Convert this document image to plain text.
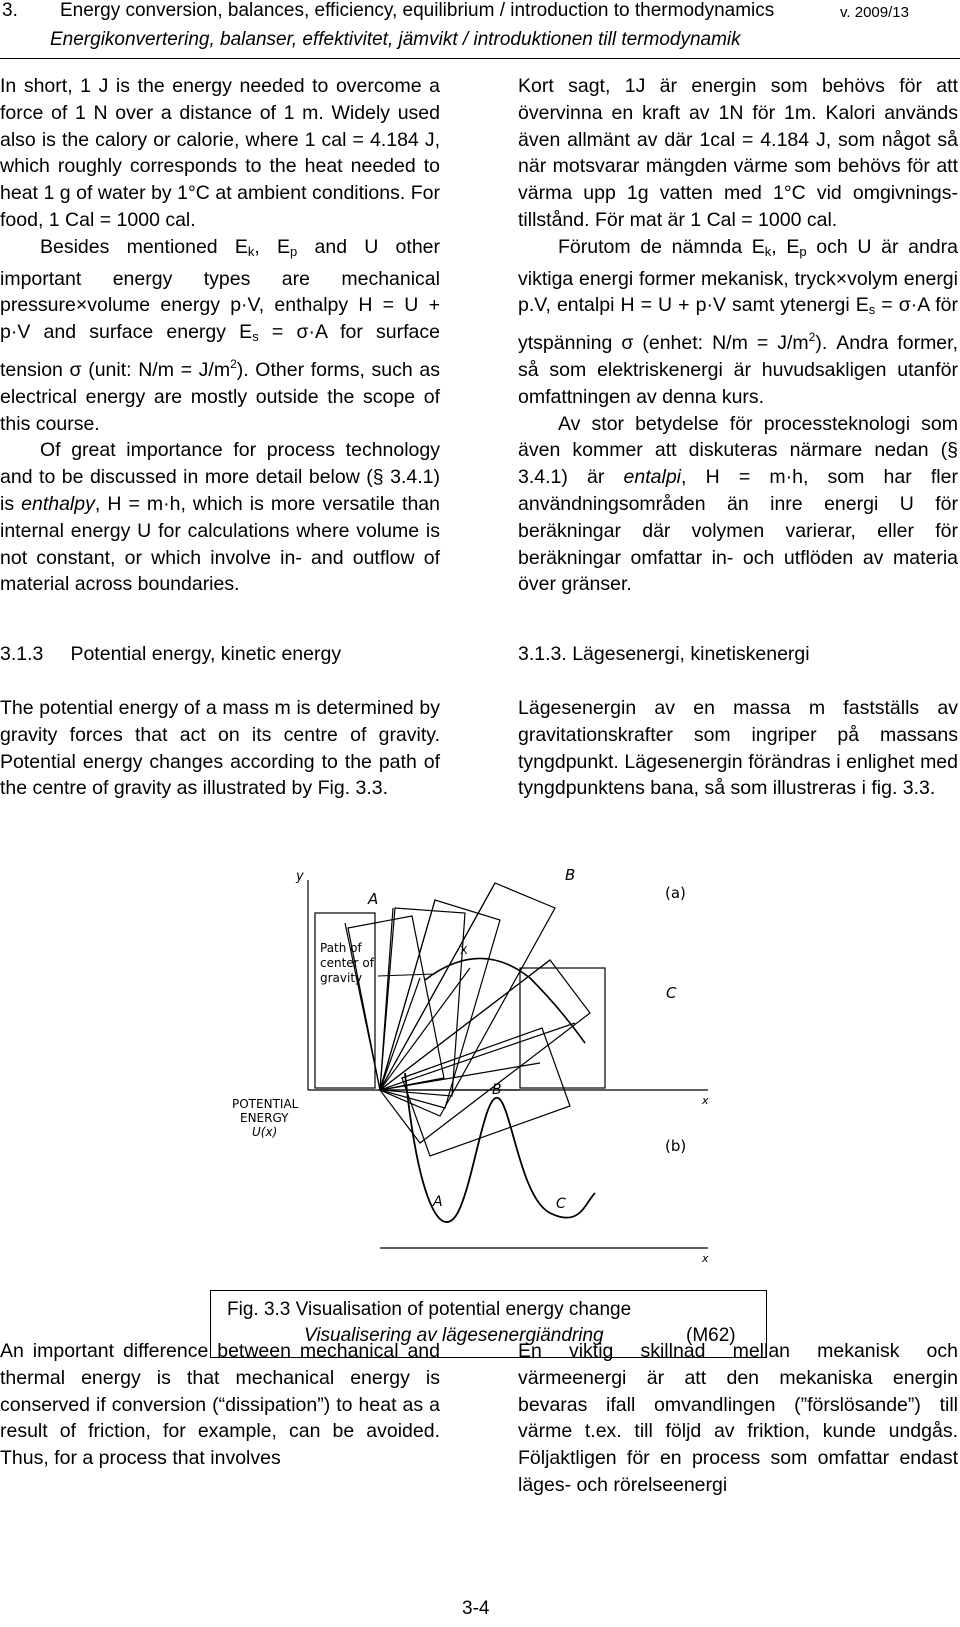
3. Energy conversion, balances, efficiency, equilibrium / introduction to thermodynamics	v. 2009/13
Energikonvertering, balanser, effektivitet, jämvikt / introduktionen till termodynamik

In short, 1 J is the energy needed to overcome a force of 1 N over a distance of 1 m. Widely used also is the calory or calorie, where 1 cal = 4.184 J, which roughly corresponds to the heat needed to heat 1 g of water by 1°C at ambient conditions. For food, 1 Cal = 1000 cal.

Besides mentioned $E_k$, $E_p$ and U other important energy types are mechanical pressure×volume energy p·V, enthalpy H = U + p·V and surface energy $E_s = \sigma\cdot A$ for surface tension σ (unit: $N/m = J/m^2$). Other forms, such as electrical energy are mostly outside the scope of this course.

Of great importance for process technology and to be discussed in more detail below (§ 3.4.1) is enthalpy, H = m·h, which is more versatile than internal energy U for calculations where volume is not constant, or which involve in- and outflow of material across boundaries.

3.1.3     Potential energy, kinetic energy

The potential energy of a mass m is determined by gravity forces that act on its centre of gravity. Potential energy changes according to the path of the centre of gravity as illustrated by Fig. 3.3.

An important difference between mechanical and thermal energy is that mechanical energy is conserved if conversion (“dissipation”) to heat as a result of friction, for example, can be avoided. Thus, for a process that involves

Kort sagt, 1J är energin som behövs för att övervinna en kraft av 1N för 1m. Kalori används även allmänt av där 1cal = 4.184 J, som något så när motsvarar mängden värme som behövs för att värma upp 1g vatten med 1°C vid omgivnings-tillstånd. För mat är 1 Cal = 1000 cal.

Förutom de nämnda $E_k$, $E_p$ och U är andra viktiga energi former mekanisk, tryck×volym energi p.V, entalpi H = U + p·V samt ytenergi $E_s = \sigma\cdot A$ för ytspänning σ (enhet: $N/m = J/m^2$). Andra former, så som elektriskenergi är huvudsakligen utanför omfattningen av denna kurs.

Av stor betydelse för processteknologi som även kommer att diskuteras närmare nedan (§ 3.4.1) är entalpi, H = m·h, som har fler användningsområden än inre energi U för beräkningar där volymen varierar, eller för beräkningar omfattar in- och utflöden av materia över gränser.

3.1.3. Lägesenergi, kinetiskenergi

Lägesenergin av en massa m fastställs av gravitationskrafter som ingriper på massans tyngdpunkt. Lägesenergin förändras i enlighet med tyngdpunktens bana, så som illustreras i fig. 3.3.

En viktig skillnad mellan mekanisk och värmeenergi är att den mekaniska energin bevaras ifall omvandlingen (”förslösande”) till värme t.ex. till följd av friktion, kunde undgås. Följaktligen för en process som omfattar endast läges- och rörelseenergi

y
x
A
B
C
(a)
Path of
center of
gravity
X
POTENTIAL
ENERGY
U(x)
A
B
C
(b)
x
Fig. 3.3 Visualisation of potential energy change
Visualisering av lägesenergiändring	(M62)
3-4
